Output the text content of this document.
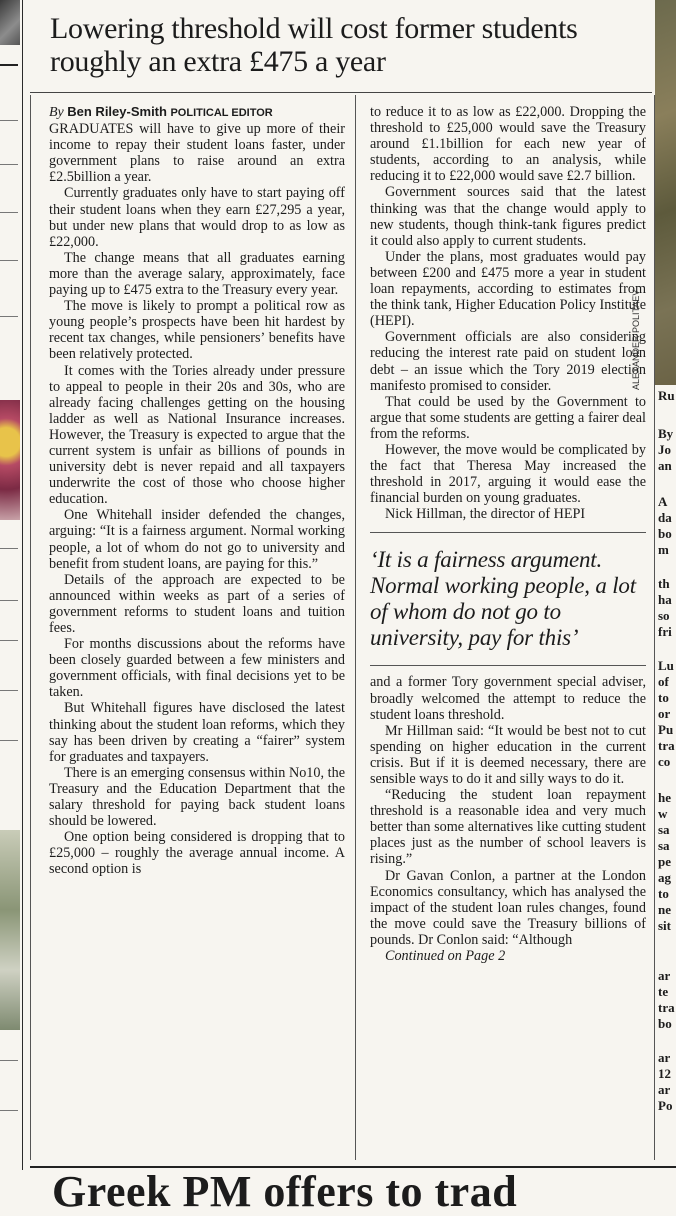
Ru
By
Jo
an
A
da
bo
m
th
ha
so
fri
Lu
of
to
or
Pu
tra
co
he
w
sa
sa
pe
ag
to
ne
sit
ar
te
tra
bo
ar
12
ar
Po
Lowering threshold will cost former students roughly an extra £475 a year

By Ben Riley-Smith POLITICAL EDITOR

GRADUATES will have to give up more of their income to repay their student loans faster, under government plans to raise around an extra £2.5billion a year.

Currently graduates only have to start paying off their student loans when they earn £27,295 a year, but under new plans that would drop to as low as £22,000.

The change means that all graduates earning more than the average salary, approximately, face paying up to £475 extra to the Treasury every year.

The move is likely to prompt a political row as young people’s prospects have been hit hardest by recent tax changes, while pensioners’ benefits have been relatively protected.

It comes with the Tories already under pressure to appeal to people in their 20s and 30s, who are already facing challenges getting on the housing ladder as well as National Insurance increases. However, the Treasury is expected to argue that the current system is unfair as billions of pounds in university debt is never repaid and all taxpayers underwrite the cost of those who choose higher education.

One Whitehall insider defended the changes, arguing: “It is a fairness argument. Normal working people, a lot of whom do not go to university and benefit from student loans, are paying for this.”

Details of the approach are expected to be announced within weeks as part of a series of government reforms to student loans and tuition fees.

For months discussions about the reforms have been closely guarded between a few ministers and government officials, with final decisions yet to be taken.

But Whitehall figures have disclosed the latest thinking about the student loan reforms, which they say has been driven by creating a “fairer” system for graduates and taxpayers.

There is an emerging consensus within No10, the Treasury and the Education Department that the salary threshold for paying back student loans should be lowered.

One option being considered is dropping that to £25,000 – roughly the average annual income. A second option is

to reduce it to as low as £22,000. Dropping the threshold to £25,000 would save the Treasury around £1.1billion for each new year of students, according to an analysis, while reducing it to £22,000 would save £2.7 billion.

Government sources said that the latest thinking was that the change would apply to new students, though think-tank figures predict it could also apply to current students.

Under the plans, most graduates would pay between £200 and £475 more a year in student loan repayments, according to estimates from the think tank, Higher Education Policy Institute (HEPI).

Government officials are also considering reducing the interest rate paid on student loan debt – an issue which the Tory 2019 election manifesto promised to consider.

That could be used by the Government to argue that some students are getting a fairer deal from the reforms.

However, the move would be complicated by the fact that Theresa May increased the threshold in 2017, arguing it would ease the financial burden on young graduates.

Nick Hillman, the director of HEPI

‘It is a fairness argument. Normal working people, a lot of whom do not go to university, pay for this’

and a former Tory government special adviser, broadly welcomed the attempt to reduce the student loans threshold.

Mr Hillman said: “It would be best not to cut spending on higher education in the current crisis. But if it is deemed necessary, there are sensible ways to do it and silly ways to do it.

“Reducing the student loan repayment threshold is a reasonable idea and very much better than some alternatives like cutting student places just as the number of school leavers is rising.”

Dr Gavan Conlon, a partner at the London Economics consultancy, which has analysed the impact of the student loan rules changes, found the move could save the Treasury billions of pounds. Dr Conlon said: “Although

Continued on Page 2

ALEXANDER POLITAEV
Greek PM offers to trad
